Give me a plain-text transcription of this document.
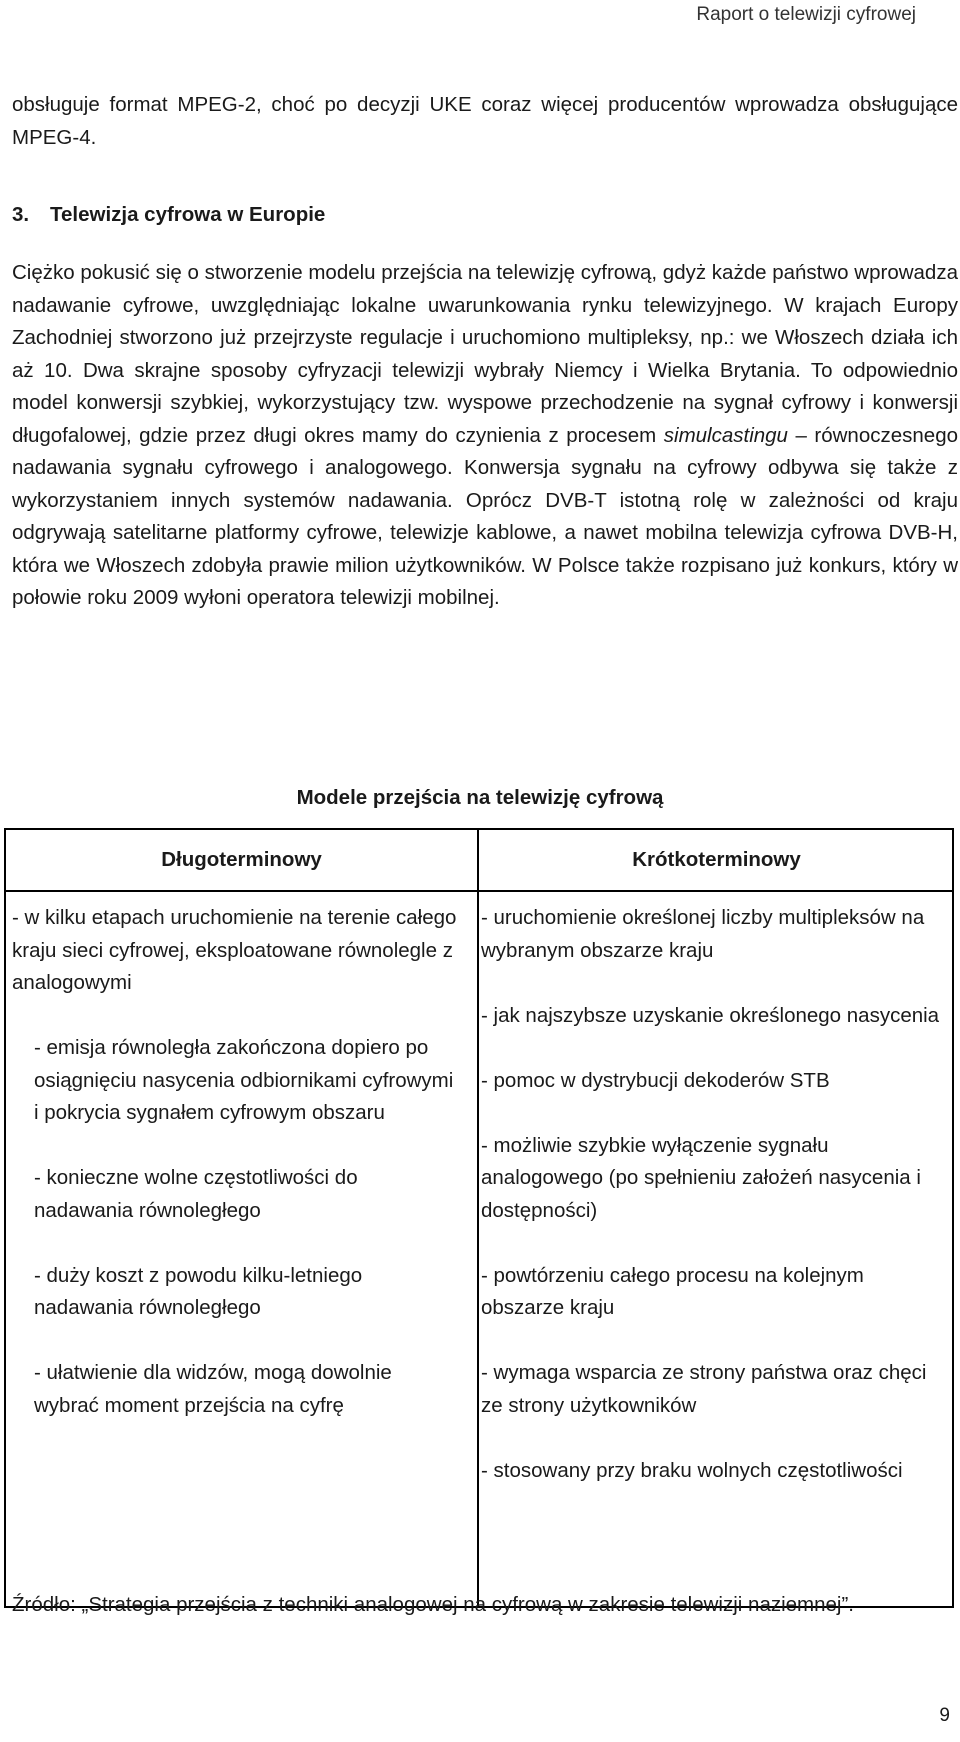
Raport o telewizji cyfrowej

obsługuje format MPEG-2, choć po decyzji UKE coraz więcej producentów wprowadza obsługujące MPEG-4.

3. Telewizja cyfrowa w Europie

Ciężko pokusić się o stworzenie modelu przejścia na telewizję cyfrową, gdyż każde państwo wprowadza nadawanie cyfrowe, uwzględniając lokalne uwarunkowania rynku telewizyjnego. W krajach Europy Zachodniej stworzono już przejrzyste regulacje i uruchomiono multipleksy, np.: we Włoszech działa ich aż 10. Dwa skrajne sposoby cyfryzacji telewizji wybrały Niemcy i Wielka Brytania. To odpowiednio model konwersji szybkiej, wykorzystujący tzw. wyspowe przechodzenie na sygnał cyfrowy i konwersji długofalowej, gdzie przez długi okres mamy do czynienia z procesem simulcastingu – równoczesnego nadawania sygnału cyfrowego i analogowego. Konwersja sygnału na cyfrowy odbywa się także z wykorzystaniem innych systemów nadawania. Oprócz DVB-T istotną rolę w zależności od kraju odgrywają satelitarne platformy cyfrowe, telewizje kablowe, a nawet mobilna telewizja cyfrowa DVB-H, która we Włoszech zdobyła prawie milion użytkowników. W Polsce także rozpisano już konkurs, który w połowie roku 2009 wyłoni operatora telewizji mobilnej.

Modele przejścia na telewizję cyfrową
Długoterminowy	Krótkoterminowy
- w kilku etapach uruchomienie na terenie całego kraju sieci cyfrowej, eksploatowane równolegle z analogowymi
- emisja równoległa zakończona dopiero po osiągnięciu nasycenia odbiornikami cyfrowymi i pokrycia sygnałem cyfrowym obszaru
- konieczne wolne częstotliwości do nadawania równoległego
- duży koszt z powodu kilku-letniego nadawania równoległego
- ułatwienie dla widzów, mogą dowolnie wybrać moment przejścia na cyfrę
- uruchomienie określonej liczby multipleksów na wybranym obszarze kraju
- jak najszybsze uzyskanie określonego nasycenia
- pomoc w dystrybucji dekoderów STB
- możliwie szybkie wyłączenie sygnału analogowego (po spełnieniu założeń nasycenia i dostępności)
- powtórzeniu całego procesu na kolejnym obszarze kraju
- wymaga wsparcia ze strony państwa oraz chęci ze strony użytkowników
- stosowany przy braku wolnych częstotliwości
Źródło: „Strategia przejścia z techniki analogowej na cyfrową w zakresie telewizji naziemnej”.
9
